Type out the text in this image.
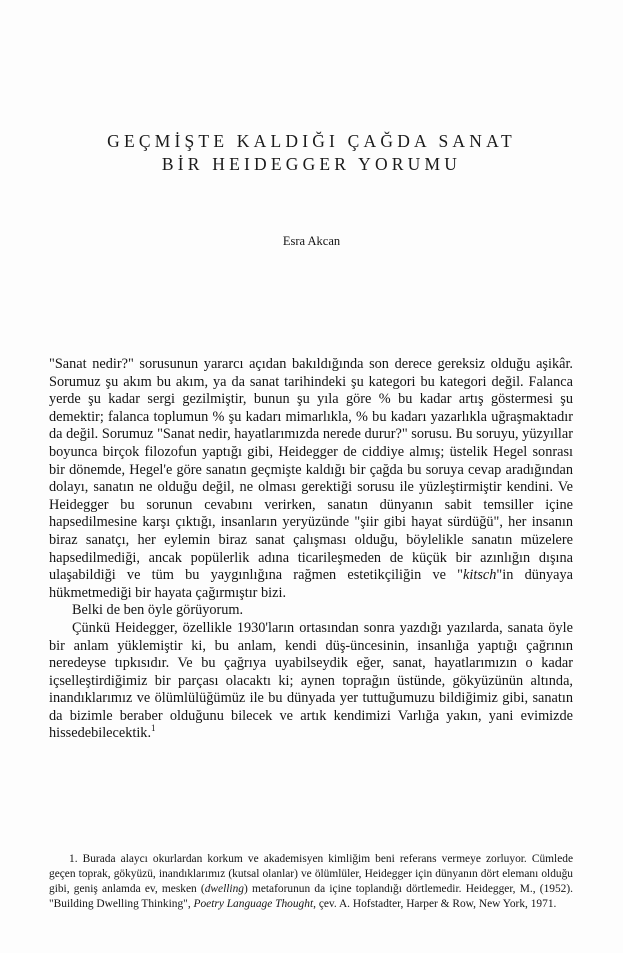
GEÇMİŞTE KALDIĞI ÇAĞDA SANAT
BİR HEIDEGGER YORUMU

Esra Akcan

"Sanat nedir?" sorusunun yararcı açıdan bakıldığında son derece gereksiz olduğu aşikâr. Sorumuz şu akım bu akım, ya da sanat tarihindeki şu kategori bu kategori değil. Falanca yerde şu kadar sergi gezilmiştir, bunun şu yıla göre % bu kadar artış göstermesi şu demektir; falanca toplumun % şu kadarı mimarlıkla, % bu kadarı yazarlıkla uğraşmaktadır da değil. Sorumuz "Sanat nedir, hayatlarımızda nerede durur?" sorusu. Bu soruyu, yüzyıllar boyunca birçok filozofun yaptığı gibi, Heidegger de ciddiye almış; üstelik Hegel sonrası bir dönemde, Hegel'e göre sanatın geçmişte kaldığı bir çağda bu soruya cevap aradığından dolayı, sanatın ne olduğu değil, ne olması gerektiği sorusu ile yüzleştirmiştir kendini. Ve Heidegger bu sorunun cevabını verirken, sanatın dünyanın sabit temsiller içine hapsedilmesine karşı çıktığı, insanların yeryüzünde "şiir gibi hayat sürdüğü", her insanın biraz sanatçı, her eylemin biraz sanat çalışması olduğu, böylelikle sanatın müzelere hapsedilmediği, ancak popülerlik adına ticarileşmeden de küçük bir azınlığın dışına ulaşabildiği ve tüm bu yaygınlığına rağmen estetikçiliğin ve "kitsch"in dünyaya hükmetmediği bir hayata çağırmıştır bizi.

Belki de ben öyle görüyorum.

Çünkü Heidegger, özellikle 1930'ların ortasından sonra yazdığı yazılarda, sanata öyle bir anlam yüklemiştir ki, bu anlam, kendi düş-üncesinin, insanlığa yaptığı çağrının neredeyse tıpkısıdır. Ve bu çağrıya uyabilseydik eğer, sanat, hayatlarımızın o kadar içselleştirdiğimiz bir parçası olacaktı ki; aynen toprağın üstünde, gökyüzünün altında, inandıklarımız ve ölümlülüğümüz ile bu dünyada yer tuttuğumuzu bildiğimiz gibi, sanatın da bizimle beraber olduğunu bilecek ve artık kendimizi Varlığa yakın, yani evimizde hissedebilecektik.$^1$

1. Burada alaycı okurlardan korkum ve akademisyen kimliğim beni referans vermeye zorluyor. Cümlede geçen toprak, gökyüzü, inandıklarımız (kutsal olanlar) ve ölümlüler, Heidegger için dünyanın dört elemanı olduğu gibi, geniş anlamda ev, mesken (dwelling) metaforunun da içine toplandığı dörtlemedir. Heidegger, M., (1952). "Building Dwelling Thinking", Poetry Language Thought, çev. A. Hofstadter, Harper & Row, New York, 1971.
